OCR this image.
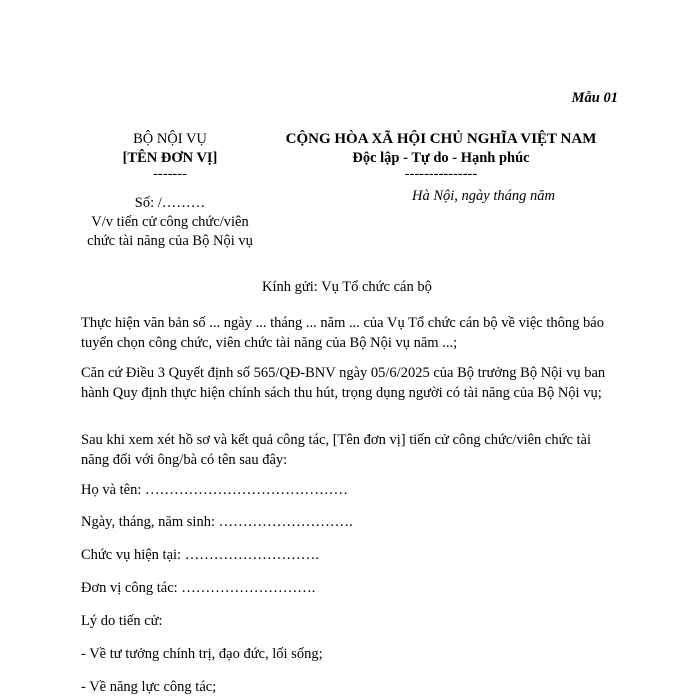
Mẫu 01
BỘ NỘI VỤ
[TÊN ĐƠN VỊ]
-------
Số: /………
V/v tiến cử công chức/viên
chức tài năng của Bộ Nội vụ
CỘNG HÒA XÃ HỘI CHỦ NGHĨA VIỆT NAM
Độc lập - Tự do - Hạnh phúc
---------------
Hà Nội, ngày tháng năm
Kính gửi: Vụ Tổ chức cán bộ
Thực hiện văn bản số ... ngày ... tháng ... năm ... của Vụ Tổ chức cán bộ về việc thông báo tuyển chọn công chức, viên chức tài năng của Bộ Nội vụ năm ...;
Căn cứ Điều 3 Quyết định số 565/QĐ-BNV ngày 05/6/2025 của Bộ trưởng Bộ Nội vụ ban hành Quy định thực hiện chính sách thu hút, trọng dụng người có tài năng của Bộ Nội vụ;
Sau khi xem xét hồ sơ và kết quả công tác, [Tên đơn vị] tiến cử công chức/viên chức tài năng đối với ông/bà có tên sau đây:
Họ và tên: ……………………………………
Ngày, tháng, năm sinh: ……………………….
Chức vụ hiện tại: ……………………….
Đơn vị công tác: ……………………….
Lý do tiến cử:
- Về tư tưởng chính trị, đạo đức, lối sống;
- Về năng lực công tác;
